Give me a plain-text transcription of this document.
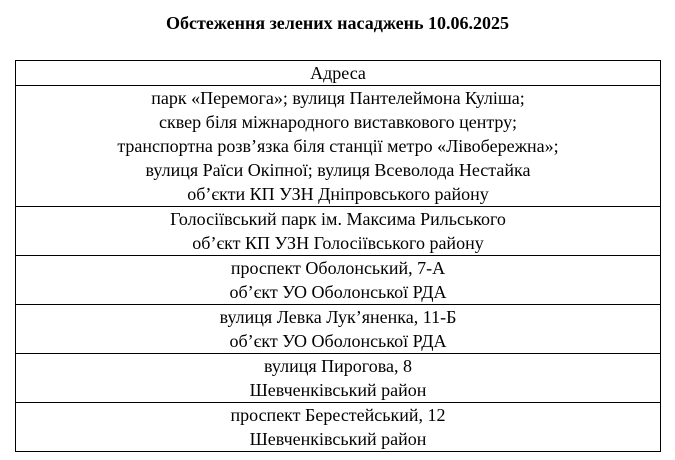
Обстеження зелених насаджень 10.06.2025
Адреса

парк «Перемога»; вулиця Пантелеймона Куліша;
сквер біля міжнародного виставкового центру;
транспортна розв’язка біля станції метро «Лівобережна»;
вулиця Раїси Окіпної; вулиця Всеволода Нестайка
об’єкти КП УЗН Дніпровського району

Голосіївський парк ім. Максима Рильського
об’єкт КП УЗН Голосіївського району

проспект Оболонський, 7-А
об’єкт УО Оболонської РДА

вулиця Левка Лук’яненка, 11-Б
об’єкт УО Оболонської РДА

вулиця Пирогова, 8
Шевченківський район

проспект Берестейський, 12
Шевченківський район
